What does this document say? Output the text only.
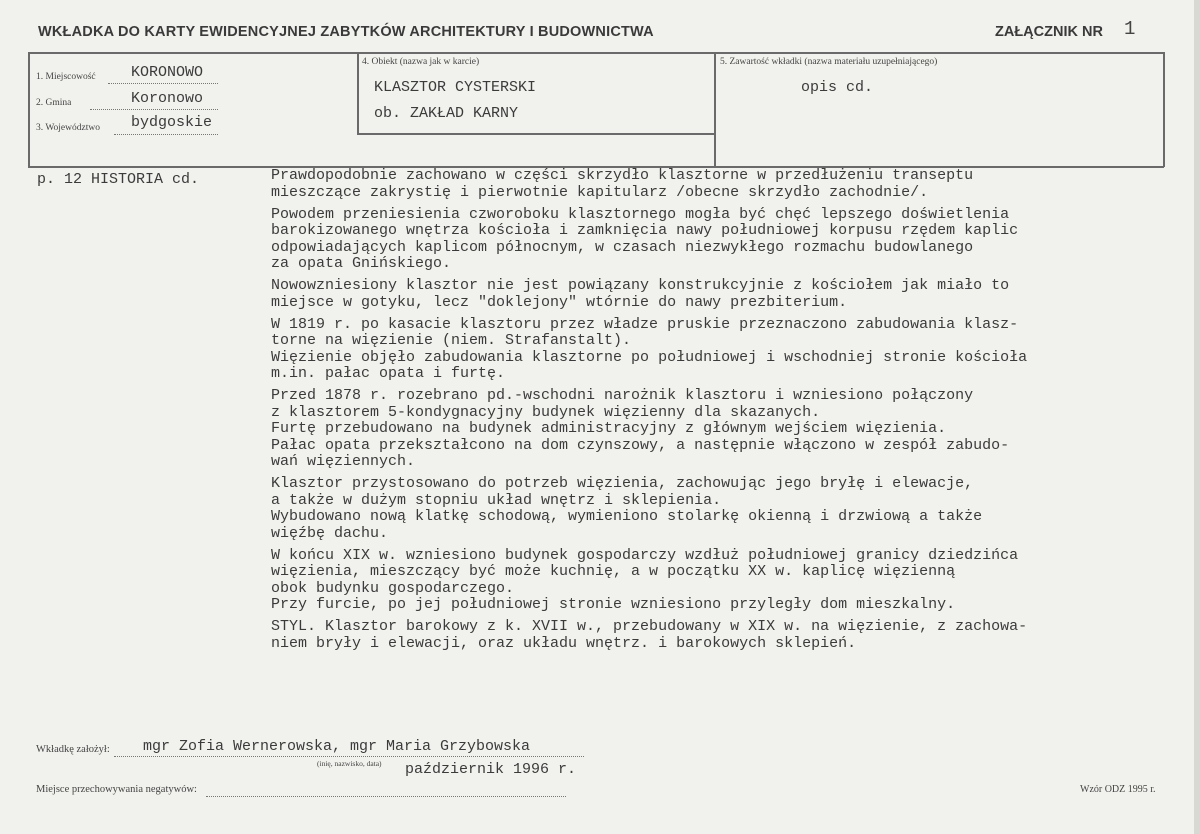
WKŁADKA DO KARTY EWIDENCYJNEJ ZABYTKÓW ARCHITEKTURY I BUDOWNICTWA	ZAŁĄCZNIK NR 1
1. Miejscowość KORONOWO
2. Gmina	Koronowo
3. Województwo bydgoskie
4. Obiekt (nazwa jak w karcie)
KLASZTOR CYSTERSKI
ob. ZAKŁAD KARNY
5. Zawartość wkładki (nazwa materiału uzupełniającego)
opis cd.
p. 12 HISTORIA cd.	Prawdopodobnie zachowano w części skrzydło klasztorne w przedłużeniu transeptu
mieszczące zakrystię i pierwotnie kapitularz /obecne skrzydło zachodnie/.

Powodem przeniesienia czworoboku klasztornego mogła być chęć lepszego doświetlenia
barokizowanego wnętrza kościoła i zamknięcia nawy południowej korpusu rzędem kaplic
odpowiadających kaplicom północnym, w czasach niezwykłego rozmachu budowlanego
za opata Gnińskiego.

Nowowzniesiony klasztor nie jest powiązany konstrukcyjnie z kościołem jak miało to
miejsce w gotyku, lecz "doklejony" wtórnie do nawy prezbiterium.

W 1819 r. po kasacie klasztoru przez władze pruskie przeznaczono zabudowania klasz-
torne na więzienie (niem. Strafanstalt).
Więzienie objęło zabudowania klasztorne po południowej i wschodniej stronie kościoła
m.in. pałac opata i furtę.

Przed 1878 r. rozebrano pd.-wschodni narożnik klasztoru i wzniesiono połączony
z klasztorem 5-kondygnacyjny budynek więzienny dla skazanych.
Furtę przebudowano na budynek administracyjny z głównym wejściem więzienia.
Pałac opata przekształcono na dom czynszowy, a następnie włączono w zespół zabudo-
wań więziennych.

Klasztor przystosowano do potrzeb więzienia, zachowując jego bryłę i elewacje,
a także w dużym stopniu układ wnętrz i sklepienia.
Wybudowano nową klatkę schodową, wymieniono stolarkę okienną i drzwiową a także
więźbę dachu.

W końcu XIX w. wzniesiono budynek gospodarczy wzdłuż południowej granicy dziedzińca
więzienia, mieszczący być może kuchnię, a w początku XX w. kaplicę więzienną
obok budynku gospodarczego.
Przy furcie, po jej południowej stronie wzniesiono przyległy dom mieszkalny.

STYL. Klasztor barokowy z k. XVII w., przebudowany w XIX w. na więzienie, z zachowa-
niem bryły i elewacji, oraz układu wnętrz. i barokowych sklepień.

Wkładkę założył: mgr Zofia Wernerowska, mgr Maria Grzybowska
(inię, nazwisko, data) październik 1996 r.
Miejsce przechowywania negatywów:	Wzór ODZ 1995 r.
